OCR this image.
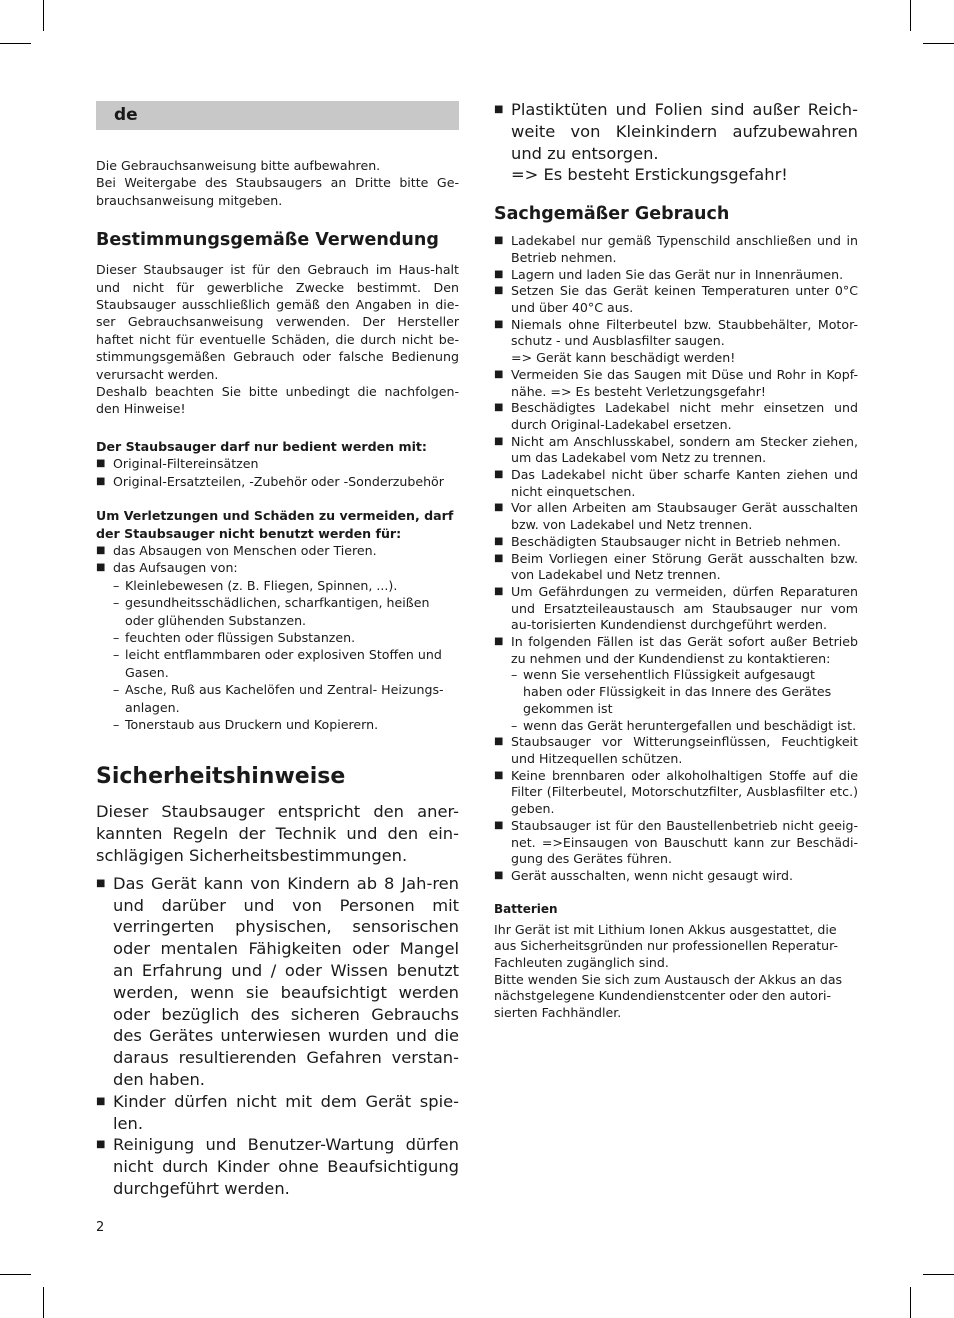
de

Die Gebrauchsanweisung bitte aufbewahren.

Bei Weitergabe des Staubsaugers an Dritte bitte Ge-brauchsanweisung mitgeben.

Bestimmungsgemäße Verwendung

Dieser Staubsauger ist für den Gebrauch im Haus-halt und nicht für gewerbliche Zwecke bestimmt. Den Staubsauger ausschließlich gemäß den Angaben in die-ser Gebrauchsanweisung verwenden. Der Hersteller haftet nicht für eventuelle Schäden, die durch nicht be-stimmungsgemäßen Gebrauch oder falsche Bedienung verursacht werden.

Deshalb beachten Sie bitte unbedingt die nachfolgen-den Hinweise!

Der Staubsauger darf nur bedient werden mit:
■ Original-Filtereinsätzen
■ Original-Ersatzteilen, -Zubehör oder -Sonderzubehör
Um Verletzungen und Schäden zu vermeiden, darf der Staubsauger nicht benutzt werden für:
■ das Absaugen von Menschen oder Tieren.
■ das Aufsaugen von:
– Kleinlebewesen (z. B. Fliegen, Spinnen, ...).
– gesundheitsschädlichen, scharfkantigen, heißen oder glühenden Substanzen.
– feuchten oder flüssigen Substanzen.
– leicht entflammbaren oder explosiven Stoffen und Gasen.
– Asche, Ruß aus Kachelöfen und Zentral- Heizungs-anlagen.
– Tonerstaub aus Druckern und Kopierern.
Sicherheitshinweise
Dieser Staubsauger entspricht den aner-kannten Regeln der Technik und den ein-schlägigen Sicherheitsbestimmungen.
■ Das Gerät kann von Kindern ab 8 Jah-ren und darüber und von Personen mit verringerten physischen, sensorischen oder mentalen Fähigkeiten oder Mangel an Erfahrung und / oder Wissen benutzt werden, wenn sie beaufsichtigt werden oder bezüglich des sicheren Gebrauchs des Gerätes unterwiesen wurden und die daraus resultierenden Gefahren verstan-den haben.
■ Kinder dürfen nicht mit dem Gerät spie-len.
■ Reinigung und Benutzer-Wartung dürfen nicht durch Kinder ohne Beaufsichtigung durchgeführt werden.
■ Plastiktüten und Folien sind außer Reich-weite von Kleinkindern aufzubewahren und zu entsorgen.
=> Es besteht Erstickungsgefahr!
Sachgemäßer Gebrauch
■ Ladekabel nur gemäß Typenschild anschließen und in Betrieb nehmen.
■ Lagern und laden Sie das Gerät nur in Innenräumen.
■ Setzen Sie das Gerät keinen Temperaturen unter 0°C und über 40°C aus.
■ Niemals ohne Filterbeutel bzw. Staubbehälter, Motor-schutz - und Ausblasfilter saugen.
=> Gerät kann beschädigt werden!
■ Vermeiden Sie das Saugen mit Düse und Rohr in Kopf-nähe. => Es besteht Verletzungsgefahr!
■ Beschädigtes Ladekabel nicht mehr einsetzen und durch Original-Ladekabel ersetzen.
■ Nicht am Anschlusskabel, sondern am Stecker ziehen, um das Ladekabel vom Netz zu trennen.
■ Das Ladekabel nicht über scharfe Kanten ziehen und nicht einquetschen.
■ Vor allen Arbeiten am Staubsauger Gerät ausschalten bzw. von Ladekabel und Netz trennen.
■ Beschädigten Staubsauger nicht in Betrieb nehmen.
■ Beim Vorliegen einer Störung Gerät ausschalten bzw. von Ladekabel und Netz trennen.
■ Um Gefährdungen zu vermeiden, dürfen Reparaturen und Ersatzteileaustausch am Staubsauger nur vom au-torisierten Kundendienst durchgeführt werden.
■ In folgenden Fällen ist das Gerät sofort außer Betrieb zu nehmen und der Kundendienst zu kontaktieren:
– wenn Sie versehentlich Flüssigkeit aufgesaugt haben oder Flüssigkeit in das Innere des Gerätes gekommen ist
– wenn das Gerät heruntergefallen und beschädigt ist.
■ Staubsauger vor Witterungseinflüssen, Feuchtigkeit und Hitzequellen schützen.
■ Keine brennbaren oder alkoholhaltigen Stoffe auf die Filter (Filterbeutel, Motorschutzfilter, Ausblasfilter etc.) geben.
■ Staubsauger ist für den Baustellenbetrieb nicht geeig-net. =>Einsaugen von Bauschutt kann zur Beschädi-gung des Gerätes führen.
■ Gerät ausschalten, wenn nicht gesaugt wird.
Batterien

Ihr Gerät ist mit Lithium Ionen Akkus ausgestattet, die aus Sicherheitsgründen nur professionellen Reperatur-Fachleuten zugänglich sind.

Bitte wenden Sie sich zum Austausch der Akkus an das nächstgelegene Kundendienstcenter oder den autori-sierten Fachhändler.

2
